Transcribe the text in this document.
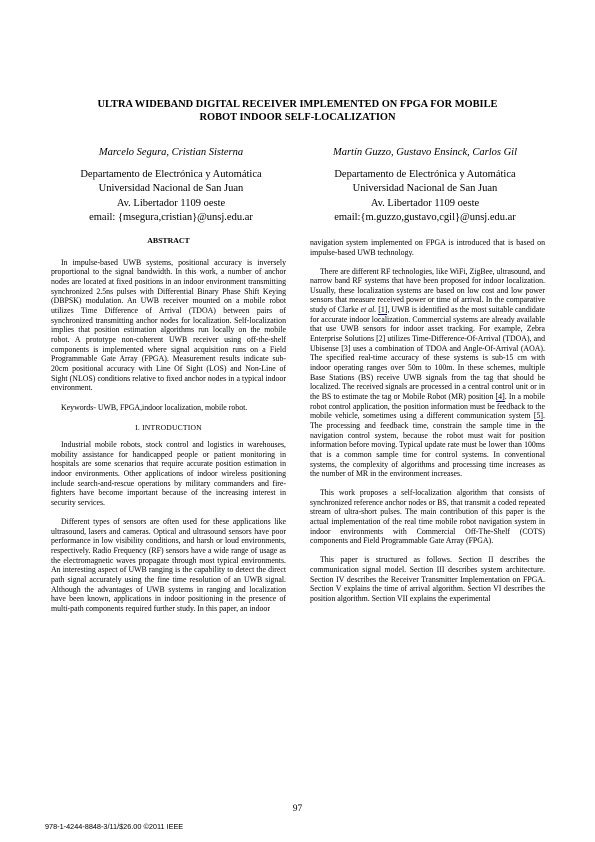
ULTRA WIDEBAND DIGITAL RECEIVER IMPLEMENTED ON FPGA FOR MOBILE
ROBOT INDOOR SELF-LOCALIZATION
Marcelo Segura, Cristian Sisterna
Departamento de Electrónica y Automática
Universidad Nacional de San Juan
Av. Libertador 1109 oeste
email: {msegura,cristian}@unsj.edu.ar
Martín Guzzo, Gustavo Ensinck, Carlos Gil
Departamento de Electrónica y Automática
Universidad Nacional de San Juan
Av. Libertador 1109 oeste
email:{m.guzzo,gustavo,cgil}@unsj.edu.ar
ABSTRACT

In impulse-based UWB systems, positional accuracy is inversely proportional to the signal bandwidth. In this work, a number of anchor nodes are located at fixed positions in an indoor environment transmitting synchronized 2.5ns pulses with Differential Binary Phase Shift Keying (DBPSK) modulation. An UWB receiver mounted on a mobile robot utilizes Time Difference of Arrival (TDOA) between pairs of synchronized transmitting anchor nodes for localization. Self-localization implies that position estimation algorithms run locally on the mobile robot. A prototype non-coherent UWB receiver using off-the-shelf components is implemented where signal acquisition runs on a Field Programmable Gate Array (FPGA). Measurement results indicate sub-20cm positional accuracy with Line Of Sight (LOS) and Non-Line of Sight (NLOS) conditions relative to fixed anchor nodes in a typical indoor environment.

Keywords- UWB, FPGA,indoor localization, mobile robot.

I. INTRODUCTION

Industrial mobile robots, stock control and logistics in warehouses, mobility assistance for handicapped people or patient monitoring in hospitals are some scenarios that require accurate position estimation in indoor environments. Other applications of indoor wireless positioning include search-and-rescue operations by military commanders and fire-fighters have become important because of the increasing interest in security services.

Different types of sensors are often used for these applications like ultrasound, lasers and cameras. Optical and ultrasound sensors have poor performance in low visibility conditions, and harsh or loud environments, respectively. Radio Frequency (RF) sensors have a wide range of usage as the electromagnetic waves propagate through most typical environments. An interesting aspect of UWB ranging is the capability to detect the direct path signal accurately using the fine time resolution of an UWB signal. Although the advantages of UWB systems in ranging and localization have been known, applications in indoor positioning in the presence of multi-path components required further study. In this paper, an indoor

navigation system implemented on FPGA is introduced that is based on impulse-based UWB technology.

There are different RF technologies, like WiFi, ZigBee, ultrasound, and narrow band RF systems that have been proposed for indoor localization. Usually, these localization systems are based on low cost and low power sensors that measure received power or time of arrival. In the comparative study of Clarke et al. [1], UWB is identified as the most suitable candidate for accurate indoor localization. Commercial systems are already available that use UWB sensors for indoor asset tracking. For example, Zebra Enterprise Solutions [2] utilizes Time-Difference-Of-Arrival (TDOA), and Ubisense [3] uses a combination of TDOA and Angle-Of-Arrival (AOA). The specified real-time accuracy of these systems is sub-15 cm with indoor operating ranges over 50m to 100m. In these schemes, multiple Base Stations (BS) receive UWB signals from the tag that should be localized. The received signals are processed in a central control unit or in the BS to estimate the tag or Mobile Robot (MR) position [4]. In a mobile robot control application, the position information must be feedback to the mobile vehicle, sometimes using a different communication system [5]. The processing and feedback time, constrain the sample time in the navigation control system, because the robot must wait for position information before moving. Typical update rate must be lower than 100ms that is a common sample time for control systems. In conventional systems, the complexity of algorithms and processing time increases as the number of MR in the environment increases.

This work proposes a self-localization algorithm that consists of synchronized reference anchor nodes or BS, that transmit a coded repeated stream of ultra-short pulses. The main contribution of this paper is the actual implementation of the real time mobile robot navigation system in indoor environments with Commercial Off-The-Shelf (COTS) components and Field Programmable Gate Array (FPGA).

This paper is structured as follows. Section II describes the communication signal model. Section III describes system architecture. Section IV describes the Receiver Transmitter Implementation on FPGA. Section V explains the time of arrival algorithm. Section VI describes the position algorithm. Section VII explains the experimental

97
978-1-4244-8848-3/11/$26.00 ©2011 IEEE
